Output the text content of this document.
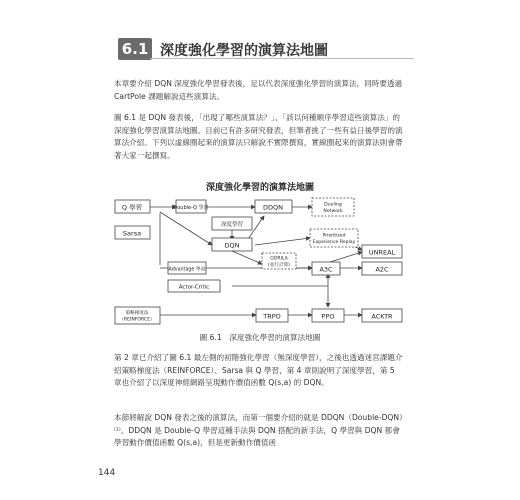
6.1 深度強化學習的演算法地圖
本章要介紹 DQN 深度強化學習發表後，足以代表深度強化學習的演算法，同時要透過 CartPole 課題解說這些演算法。
圖 6.1 是 DQN 發表後，「出現了哪些演算法？」、「該以何種順序學習這些演算法」的深度強化學習演算法地圖。目前已有許多研究發表，但筆者挑了一些有益日後學習的演算法介紹。下列以虛線圈起來的演算法只解說不實際撰寫，實線圈起來的演算法則會帶著大家一起撰寫。
深度強化學習的演算法地圖
Q 學習	Double-Q 學習	DDQN	Dueling
Network
Sarsa
深度學習
Prioritized
Experience Replay
DQN
UNREAL
GORILA
(並行計算)
Advantage 學習	A3C	A2C
Actor-Critic
策略梯度法
（REINFORCE）	TRPO	PPO	ACKTR
圖 6.1　深度強化學習的演算法地圖
第 2 章已介紹了圖 6.1 最左側的初階強化學習（無深度學習），之後也透過迷宮課題介紹策略梯度法（REINFORCE）、Sarsa 與 Q 學習，第 4 章則說明了深度學習，第 5 章也介紹了以深度神經網路呈現動作價值函數 Q(s,a) 的 DQN。
本節將解說 DQN 發表之後的演算法，而第一個要介紹的就是 DDQN（Double-DQN）⁽¹⁾。DDQN 是 Double-Q 學習這種手法與 DQN 搭配的新手法，Q 學習與 DQN 都會學習動作價值函數 Q(s,a)，但是更新動作價值函
144
